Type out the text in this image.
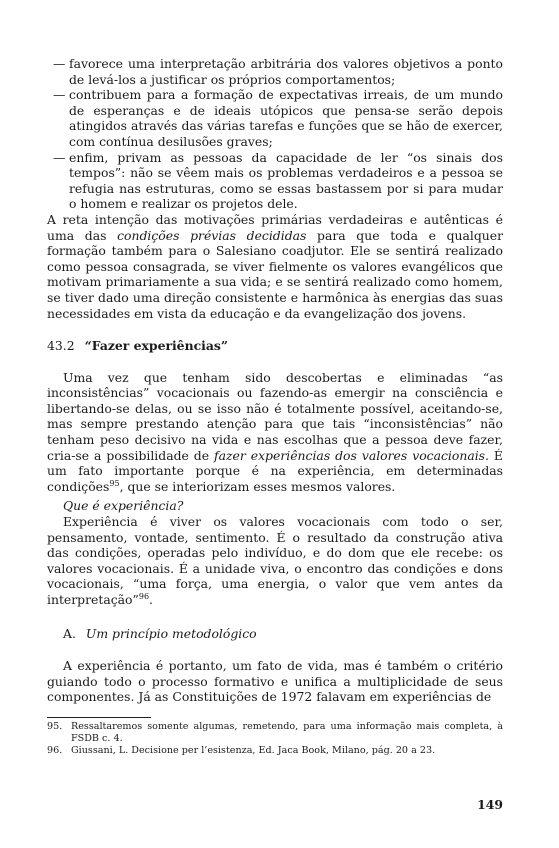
— favorece uma interpretação arbitrária dos valores objetivos a ponto de levá-los a justificar os próprios comportamentos;
— contribuem para a formação de expectativas irreais, de um mundo de esperanças e de ideais utópicos que pensa-se serão depois atingidos através das várias tarefas e funções que se hão de exercer, com contínua desilusões graves;
— enfim, privam as pessoas da capacidade de ler “os sinais dos tempos”: não se vêem mais os problemas verdadeiros e a pessoa se refugia nas estruturas, como se essas bastassem por si para mudar o homem e realizar os projetos dele.

A reta intenção das motivações primárias verdadeiras e autênticas é uma das condições prévias decididas para que toda e qualquer formação também para o Salesiano coadjutor. Ele se sentirá realizado como pessoa consagrada, se viver fielmente os valores evangélicos que motivam primariamente a sua vida; e se sentirá realizado como homem, se tiver dado uma direção consistente e harmônica às energias das suas necessidades em vista da educação e da evangelização dos jovens.

43.2 “Fazer experiências”

Uma vez que tenham sido descobertas e eliminadas “as inconsistências” vocacionais ou fazendo-as emergir na consciência e libertando-se delas, ou se isso não é totalmente possível, aceitando-se, mas sempre prestando atenção para que tais “inconsistências” não tenham peso decisivo na vida e nas escolhas que a pessoa deve fazer, cria-se a possibilidade de fazer experiências dos valores vocacionais. É um fato importante porque é na experiência, em determinadas condições$^{95}$, que se interiorizam esses mesmos valores.

Que é experiência?

Experiência é viver os valores vocacionais com todo o ser, pensamento, vontade, sentimento. É o resultado da construção ativa das condições, operadas pelo indivíduo, e do dom que ele recebe: os valores vocacionais. É a unidade viva, o encontro das condições e dons vocacionais, “uma força, uma energia, o valor que vem antes da interpretação”$^{96}$.

A. Um princípio metodológico

A experiência é portanto, um fato de vida, mas é também o critério guiando todo o processo formativo e unifica a multiplicidade de seus componentes. Já as Constituições de 1972 falavam em experiências de

95. Ressaltaremos somente algumas, remetendo, para uma informação mais completa, à FSDB c. 4.
96. Giussani, L. Decisione per l’esistenza, Ed. Jaca Book, Milano, pág. 20 a 23.
149
